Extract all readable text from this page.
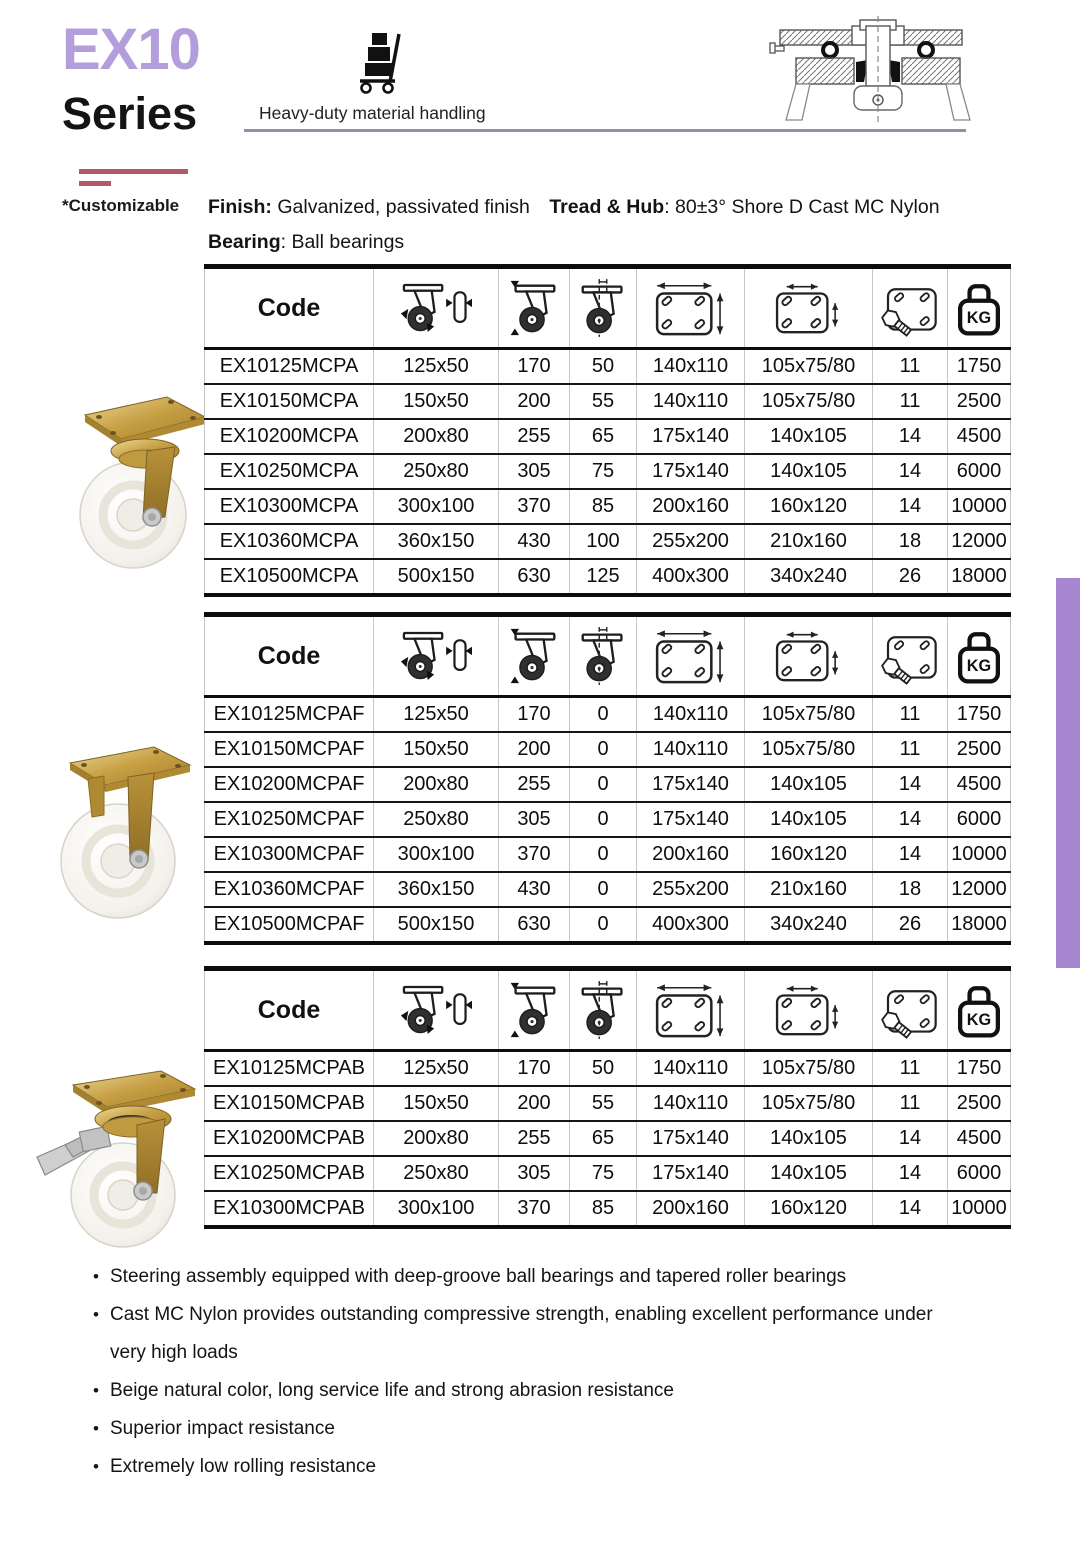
EX10
Series
*Customizable
Heavy-duty material handling
Finish: Galvanized, passivated finish Tread & Hub: 80±3° Shore D Cast MC Nylon
Bearing: Ball bearings
Code	

EX10125MCPA	125x50	170	50	140x110	105x75/80	11	1750
EX10150MCPA	150x50	200	55	140x110	105x75/80	11	2500
EX10200MCPA	200x80	255	65	175x140	140x105	14	4500
EX10250MCPA	250x80	305	75	175x140	140x105	14	6000
EX10300MCPA	300x100	370	85	200x160	160x120	14	10000
EX10360MCPA	360x150	430	100	255x200	210x160	18	12000
EX10500MCPA	500x150	630	125	400x300	340x240	26	18000
Code	

EX10125MCPAF	125x50	170	0	140x110	105x75/80	11	1750
EX10150MCPAF	150x50	200	0	140x110	105x75/80	11	2500
EX10200MCPAF	200x80	255	0	175x140	140x105	14	4500
EX10250MCPAF	250x80	305	0	175x140	140x105	14	6000
EX10300MCPAF	300x100	370	0	200x160	160x120	14	10000
EX10360MCPAF	360x150	430	0	255x200	210x160	18	12000
EX10500MCPAF	500x150	630	0	400x300	340x240	26	18000
Code	

EX10125MCPAB	125x50	170	50	140x110	105x75/80	11	1750
EX10150MCPAB	150x50	200	55	140x110	105x75/80	11	2500
EX10200MCPAB	200x80	255	65	175x140	140x105	14	4500
EX10250MCPAB	250x80	305	75	175x140	140x105	14	6000
EX10300MCPAB	300x100	370	85	200x160	160x120	14	10000
• Steering assembly equipped with deep-groove ball bearings and tapered roller bearings
• Cast MC Nylon provides outstanding compressive strength, enabling excellent performance under very high loads
• Beige natural color, long service life and strong abrasion resistance
• Superior impact resistance
• Extremely low rolling resistance
